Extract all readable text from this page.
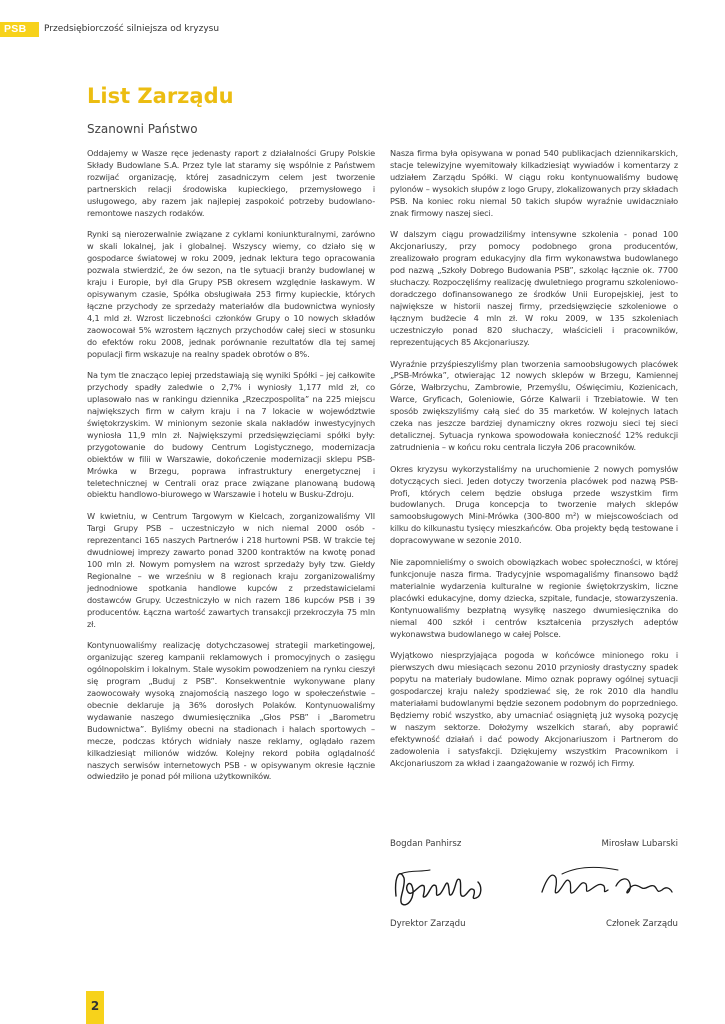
PSB Przedsiębiorczość silniejsza od kryzysu
List Zarządu
Szanowni Państwo

Oddajemy w Wasze ręce jedenasty raport z działalności Grupy Polskie Składy Budowlane S.A. Przez tyle lat staramy się wspólnie z Państwem rozwijać organizację, której zasadniczym celem jest tworzenie partnerskich relacji środowiska kupieckiego, przemysłowego i usługowego, aby razem jak najlepiej zaspokoić potrzeby budowlano-remontowe naszych rodaków.

Rynki są nierozerwalnie związane z cyklami koniunkturalnymi, zarówno w skali lokalnej, jak i globalnej. Wszyscy wiemy, co działo się w gospodarce światowej w roku 2009, jednak lektura tego opracowania pozwala stwierdzić, że ów sezon, na tle sytuacji branży budowlanej w kraju i Europie, był dla Grupy PSB okresem względnie łaskawym. W opisywanym czasie, Spółka obsługiwała 253 firmy kupieckie, których łączne przychody ze sprzedaży materiałów dla budownictwa wyniosły 4,1 mld zł. Wzrost liczebności członków Grupy o 10 nowych składów zaowocował 5% wzrostem łącznych przychodów całej sieci w stosunku do efektów roku 2008, jednak porównanie rezultatów dla tej samej populacji firm wskazuje na realny spadek obrotów o 8%.

Na tym tle znacząco lepiej przedstawiają się wyniki Spółki – jej całkowite przychody spadły zaledwie o 2,7% i wyniosły 1,177 mld zł, co uplasowało nas w rankingu dziennika „Rzeczpospolita” na 225 miejscu największych firm w całym kraju i na 7 lokacie w województwie świętokrzyskim. W minionym sezonie skala nakładów inwestycyjnych wyniosła 11,9 mln zł. Największymi przedsięwzięciami spółki były: przygotowanie do budowy Centrum Logistycznego, modernizacja obiektów w filii w Warszawie, dokończenie modernizacji sklepu PSB-Mrówka w Brzegu, poprawa infrastruktury energetycznej i teletechnicznej w Centrali oraz prace związane planowaną budową obiektu handlowo-biurowego w Warszawie i hotelu w Busku-Zdroju.

W kwietniu, w Centrum Targowym w Kielcach, zorganizowaliśmy VII Targi Grupy PSB – uczestniczyło w nich niemal 2000 osób - reprezentanci 165 naszych Partnerów i 218 hurtowni PSB. W trakcie tej dwudniowej imprezy zawarto ponad 3200 kontraktów na kwotę ponad 100 mln zł. Nowym pomysłem na wzrost sprzedaży były tzw. Giełdy Regionalne – we wrześniu w 8 regionach kraju zorganizowaliśmy jednodniowe spotkania handlowe kupców z przedstawicielami dostawców Grupy. Uczestniczyło w nich razem 186 kupców PSB i 39 producentów. Łączna wartość zawartych transakcji przekroczyła 75 mln zł.

Kontynuowaliśmy realizację dotychczasowej strategii marketingowej, organizując szereg kampanii reklamowych i promocyjnych o zasięgu ogólnopolskim i lokalnym. Stale wysokim powodzeniem na rynku cieszył się program „Buduj z PSB”. Konsekwentnie wykonywane plany zaowocowały wysoką znajomością naszego logo w społeczeństwie – obecnie deklaruje ją 36% dorosłych Polaków. Kontynuowaliśmy wydawanie naszego dwumiesięcznika „Głos PSB” i „Barometru Budownictwa”. Byliśmy obecni na stadionach i halach sportowych – mecze, podczas których widniały nasze reklamy, oglądało razem kilkadziesiąt milionów widzów. Kolejny rekord pobiła oglądalność naszych serwisów internetowych PSB - w opisywanym okresie łącznie odwiedziło je ponad pół miliona użytkowników.

Nasza firma była opisywana w ponad 540 publikacjach dziennikarskich, stacje telewizyjne wyemitowały kilkadziesiąt wywiadów i komentarzy z udziałem Zarządu Spółki. W ciągu roku kontynuowaliśmy budowę pylonów – wysokich słupów z logo Grupy, zlokalizowanych przy składach PSB. Na koniec roku niemal 50 takich słupów wyraźnie uwidaczniało znak firmowy naszej sieci.

W dalszym ciągu prowadziliśmy intensywne szkolenia - ponad 100 Akcjonariuszy, przy pomocy podobnego grona producentów, zrealizowało program edukacyjny dla firm wykonawstwa budowlanego pod nazwą „Szkoły Dobrego Budowania PSB”, szkoląc łącznie ok. 7700 słuchaczy. Rozpoczęliśmy realizację dwuletniego programu szkoleniowo-doradczego dofinansowanego ze środków Unii Europejskiej, jest to największe w historii naszej firmy, przedsięwzięcie szkoleniowe o łącznym budżecie 4 mln zł. W roku 2009, w 135 szkoleniach uczestniczyło ponad 820 słuchaczy, właścicieli i pracowników, reprezentujących 85 Akcjonariuszy.

Wyraźnie przyśpieszyliśmy plan tworzenia samoobsługowych placówek „PSB-Mrówka”, otwierając 12 nowych sklepów w Brzegu, Kamiennej Górze, Wałbrzychu, Zambrowie, Przemyślu, Oświęcimiu, Kozienicach, Warce, Gryficach, Goleniowie, Górze Kalwarii i Trzebiatowie. W ten sposób zwiększyliśmy całą sieć do 35 marketów. W kolejnych latach czeka nas jeszcze bardziej dynamiczny okres rozwoju sieci tej sieci detalicznej. Sytuacja rynkowa spowodowała konieczność 12% redukcji zatrudnienia – w końcu roku centrala liczyła 206 pracowników.

Okres kryzysu wykorzystaliśmy na uruchomienie 2 nowych pomysłów dotyczących sieci. Jeden dotyczy tworzenia placówek pod nazwą PSB-Profi, których celem będzie obsługa przede wszystkim firm budowlanych. Druga koncepcja to tworzenie małych sklepów samoobsługowych Mini-Mrówka (300-800 m²) w miejscowościach od kilku do kilkunastu tysięcy mieszkańców. Oba projekty będą testowane i dopracowywane w sezonie 2010.

Nie zapomnieliśmy o swoich obowiązkach wobec społeczności, w której funkcjonuje nasza firma. Tradycyjnie wspomagaliśmy finansowo bądź materialnie wydarzenia kulturalne w regionie świętokrzyskim, liczne placówki edukacyjne, domy dziecka, szpitale, fundacje, stowarzyszenia. Kontynuowaliśmy bezpłatną wysyłkę naszego dwumiesięcznika do niemal 400 szkół i centrów kształcenia przyszłych adeptów wykonawstwa budowlanego w całej Polsce.

Wyjątkowo niesprzyjająca pogoda w końcówce minionego roku i pierwszych dwu miesiącach sezonu 2010 przyniosły drastyczny spadek popytu na materiały budowlane. Mimo oznak poprawy ogólnej sytuacji gospodarczej kraju należy spodziewać się, że rok 2010 dla handlu materiałami budowlanymi będzie sezonem podobnym do poprzedniego. Będziemy robić wszystko, aby umacniać osiągniętą już wysoką pozycję w naszym sektorze. Dołożymy wszelkich starań, aby poprawić efektywność działań i dać powody Akcjonariuszom i Partnerom do zadowolenia i satysfakcji. Dziękujemy wszystkim Pracownikom i Akcjonariuszom za wkład i zaangażowanie w rozwój ich Firmy.

Bogdan Panhirsz	Mirosław Lubarski
Dyrektor Zarządu	Członek Zarządu
2
